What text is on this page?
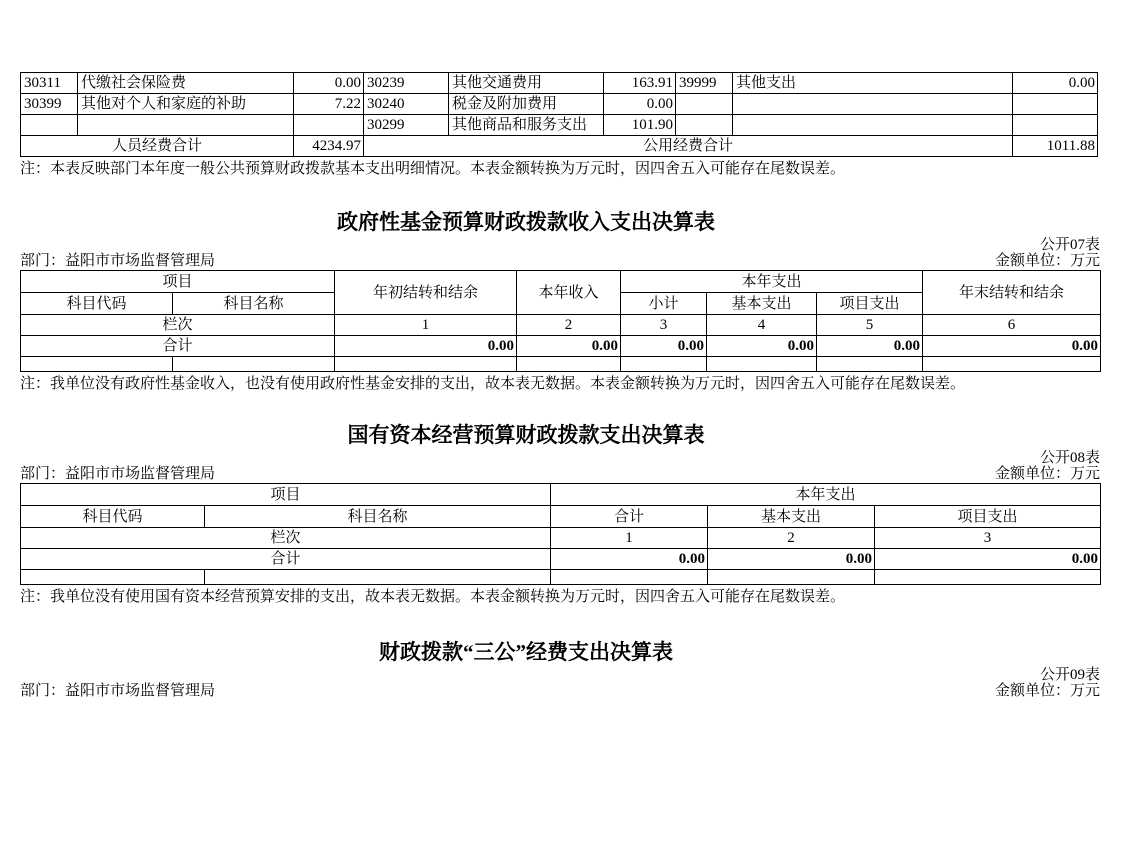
30311	代缴社会保险费	0.00	30239	其他交通费用	163.91	39999	其他支出	0.00
30399	其他对个人和家庭的补助	7.22	30240	税金及附加费用	0.00			
			30299	其他商品和服务支出	101.90			
人员经费合计		4234.97	公用经费合计					1011.88
注：本表反映部门本年度一般公共预算财政拨款基本支出明细情况。本表金额转换为万元时，因四舍五入可能存在尾数误差。
政府性基金预算财政拨款收入支出决算表
公开07表
部门：益阳市市场监督管理局	金额单位：万元
项目		年初结转和结余	本年收入	本年支出			年末结转和结余
科目代码	科目名称			小计	基本支出	项目支出	
栏次		1	2	3	4	5	6
合计		0.00	0.00	0.00	0.00	0.00	0.00

注：我单位没有政府性基金收入，也没有使用政府性基金安排的支出，故本表无数据。本表金额转换为万元时，因四舍五入可能存在尾数误差。
国有资本经营预算财政拨款支出决算表
公开08表
部门：益阳市市场监督管理局	金额单位：万元
项目		本年支出		
科目代码	科目名称	合计	基本支出	项目支出
栏次		1	2	3
合计		0.00	0.00	0.00

注：我单位没有使用国有资本经营预算安排的支出，故本表无数据。本表金额转换为万元时，因四舍五入可能存在尾数误差。
财政拨款“三公”经费支出决算表
公开09表
部门：益阳市市场监督管理局	金额单位：万元
